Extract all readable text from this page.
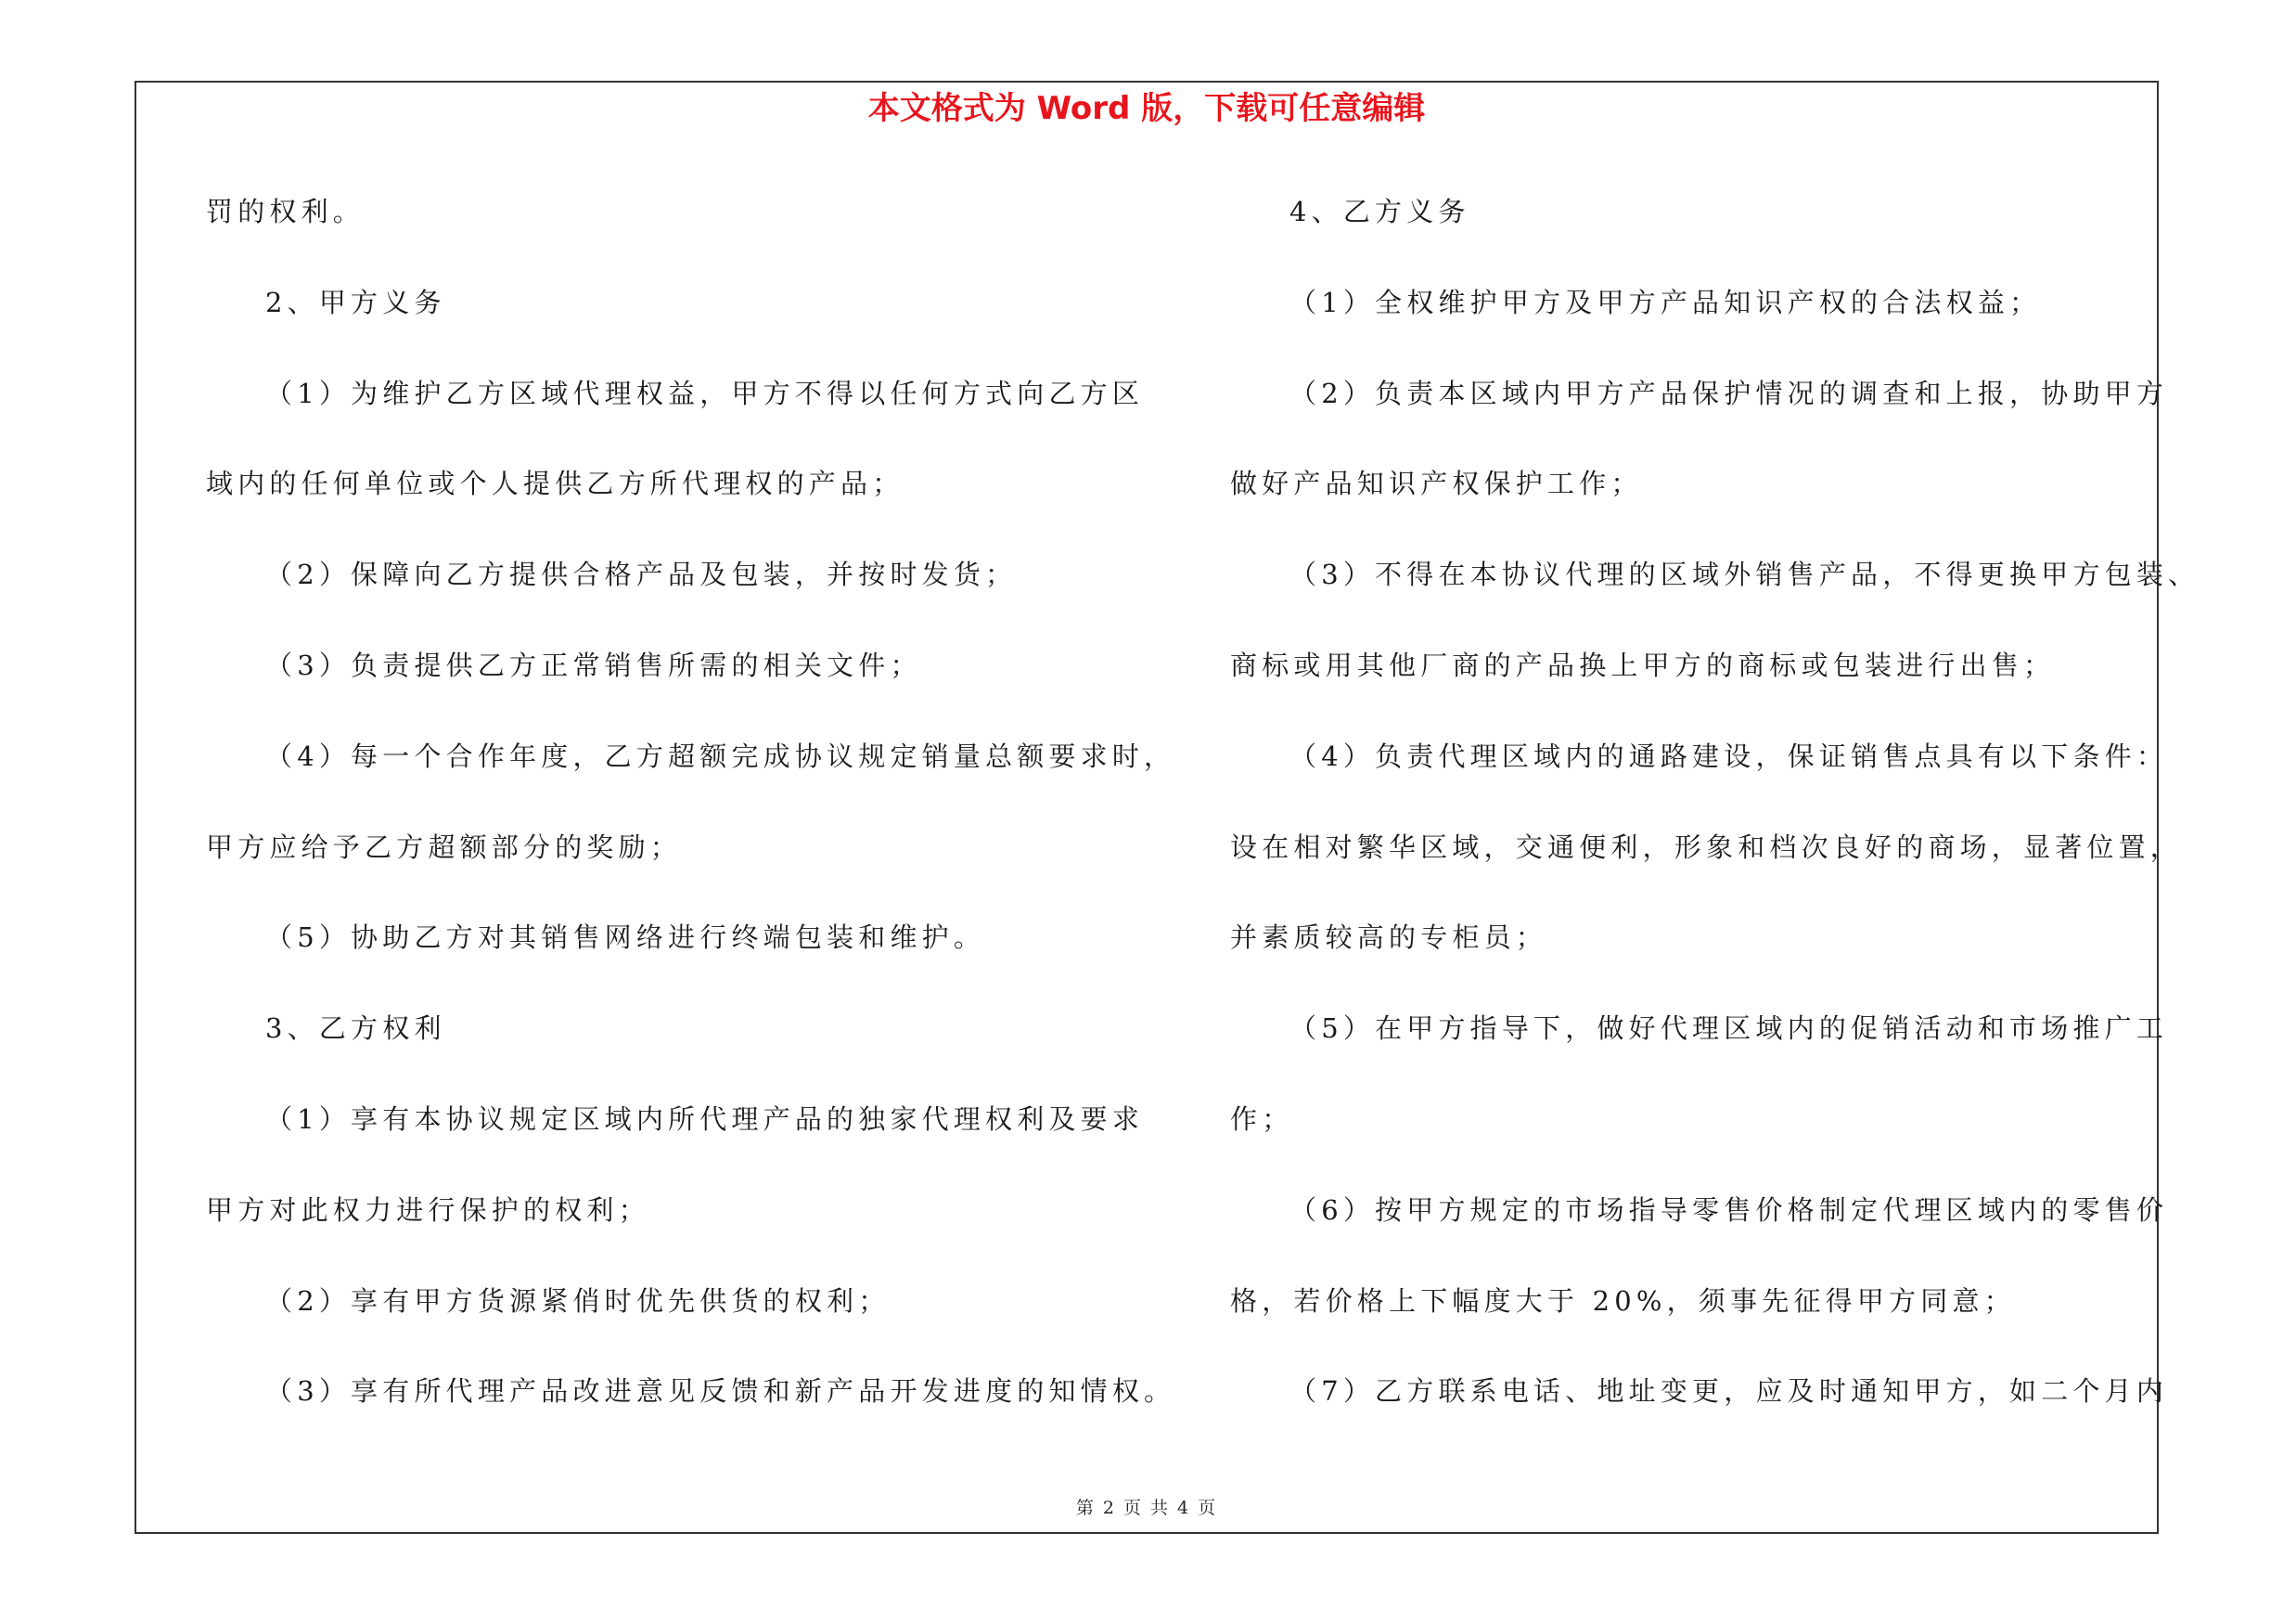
本文格式为 Word 版，下载可任意编辑
罚的权利。
2、甲方义务
（1）为维护乙方区域代理权益，甲方不得以任何方式向乙方区
域内的任何单位或个人提供乙方所代理权的产品；
（2）保障向乙方提供合格产品及包装，并按时发货；
（3）负责提供乙方正常销售所需的相关文件；
（4）每一个合作年度，乙方超额完成协议规定销量总额要求时，
甲方应给予乙方超额部分的奖励；
（5）协助乙方对其销售网络进行终端包装和维护。
3、乙方权利
（1）享有本协议规定区域内所代理产品的独家代理权利及要求
甲方对此权力进行保护的权利；
（2）享有甲方货源紧俏时优先供货的权利；
（3）享有所代理产品改进意见反馈和新产品开发进度的知情权。
4、乙方义务
（1）全权维护甲方及甲方产品知识产权的合法权益；
（2）负责本区域内甲方产品保护情况的调查和上报，协助甲方
做好产品知识产权保护工作；
（3）不得在本协议代理的区域外销售产品，不得更换甲方包装、
商标或用其他厂商的产品换上甲方的商标或包装进行出售；
（4）负责代理区域内的通路建设，保证销售点具有以下条件：
设在相对繁华区域，交通便利，形象和档次良好的商场，显著位置，
并素质较高的专柜员；
（5）在甲方指导下，做好代理区域内的促销活动和市场推广工
作；
（6）按甲方规定的市场指导零售价格制定代理区域内的零售价
格，若价格上下幅度大于 20%，须事先征得甲方同意；
（7）乙方联系电话、地址变更，应及时通知甲方，如二个月内
第 2 页 共 4 页
